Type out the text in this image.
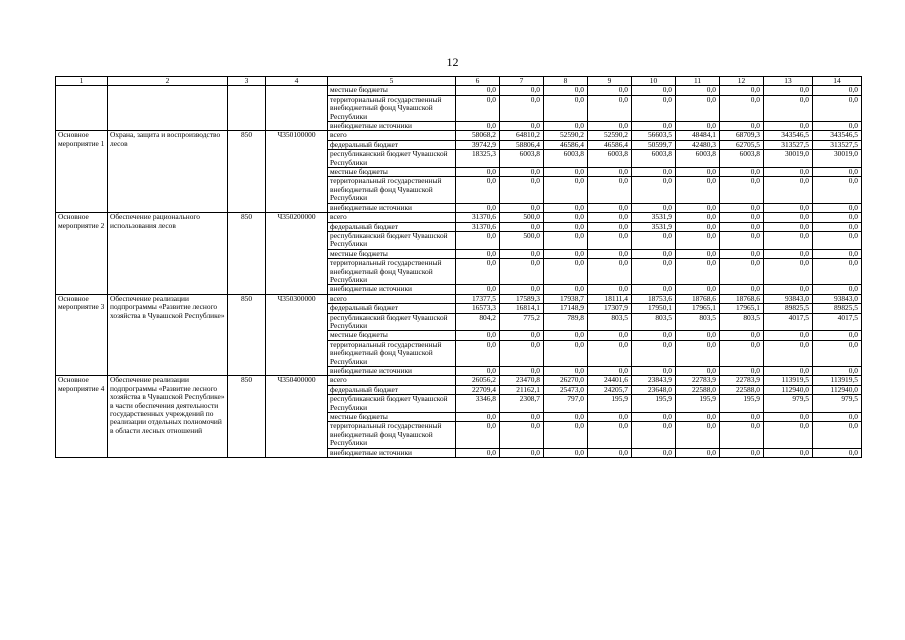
12
1	2	3	4	5	6	7	8	9	10	11	12	13	14
				местные бюджеты	0,0	0,0	0,0	0,0	0,0	0,0	0,0	0,0	0,0
				территориальный государственный внебюджетный фонд Чувашской Республики	0,0	0,0	0,0	0,0	0,0	0,0	0,0	0,0	0,0
				внебюджетные источники	0,0	0,0	0,0	0,0	0,0	0,0	0,0	0,0	0,0
Основное мероприятие 1	Охрана, защита и воспроизводство лесов	850	Ч350100000	всего	58068,2	64810,2	52590,2	52590,2	56603,5	48484,1	68709,3	343546,5	343546,5
				федеральный бюджет	39742,9	58806,4	46586,4	46586,4	50599,7	42480,3	62705,5	313527,5	313527,5
				республиканский бюджет Чувашской Республики	18325,3	6003,8	6003,8	6003,8	6003,8	6003,8	6003,8	30019,0	30019,0
				местные бюджеты	0,0	0,0	0,0	0,0	0,0	0,0	0,0	0,0	0,0
				территориальный государственный внебюджетный фонд Чувашской Республики	0,0	0,0	0,0	0,0	0,0	0,0	0,0	0,0	0,0
				внебюджетные источники	0,0	0,0	0,0	0,0	0,0	0,0	0,0	0,0	0,0
Основное мероприятие 2	Обеспечение рационального использования лесов	850	Ч350200000	всего	31370,6	500,0	0,0	0,0	3531,9	0,0	0,0	0,0	0,0
				федеральный бюджет	31370,6	0,0	0,0	0,0	3531,9	0,0	0,0	0,0	0,0
				республиканский бюджет Чувашской Республики	0,0	500,0	0,0	0,0	0,0	0,0	0,0	0,0	0,0
				местные бюджеты	0,0	0,0	0,0	0,0	0,0	0,0	0,0	0,0	0,0
				территориальный государственный внебюджетный фонд Чувашской Республики	0,0	0,0	0,0	0,0	0,0	0,0	0,0	0,0	0,0
				внебюджетные источники	0,0	0,0	0,0	0,0	0,0	0,0	0,0	0,0	0,0
Основное мероприятие 3	Обеспечение реализации подпрограммы «Развитие лесного хозяйства в Чувашской Республике»	850	Ч350300000	всего	17377,5	17589,3	17938,7	18111,4	18753,6	18768,6	18768,6	93843,0	93843,0
				федеральный бюджет	16573,3	16814,1	17148,9	17307,9	17950,1	17965,1	17965,1	89825,5	89825,5
				республиканский бюджет Чувашской Республики	804,2	775,2	789,8	803,5	803,5	803,5	803,5	4017,5	4017,5
				местные бюджеты	0,0	0,0	0,0	0,0	0,0	0,0	0,0	0,0	0,0
				территориальный государственный внебюджетный фонд Чувашской Республики	0,0	0,0	0,0	0,0	0,0	0,0	0,0	0,0	0,0
				внебюджетные источники	0,0	0,0	0,0	0,0	0,0	0,0	0,0	0,0	0,0
Основное мероприятие 4	Обеспечение реализации подпрограммы «Развитие лесного хозяйства в Чувашской Республике» в части обеспечения деятельности государственных учреждений по реализации отдельных полномочий в области лесных отношений	850	Ч350400000	всего	26056,2	23470,8	26270,0	24401,6	23843,9	22783,9	22783,9	113919,5	113919,5
				федеральный бюджет	22709,4	21162,1	25473,0	24205,7	23648,0	22588,0	22588,0	112940,0	112940,0
				республиканский бюджет Чувашской Республики	3346,8	2308,7	797,0	195,9	195,9	195,9	195,9	979,5	979,5
				местные бюджеты	0,0	0,0	0,0	0,0	0,0	0,0	0,0	0,0	0,0
				территориальный государственный внебюджетный фонд Чувашской Республики	0,0	0,0	0,0	0,0	0,0	0,0	0,0	0,0	0,0
				внебюджетные источники	0,0	0,0	0,0	0,0	0,0	0,0	0,0	0,0	0,0
